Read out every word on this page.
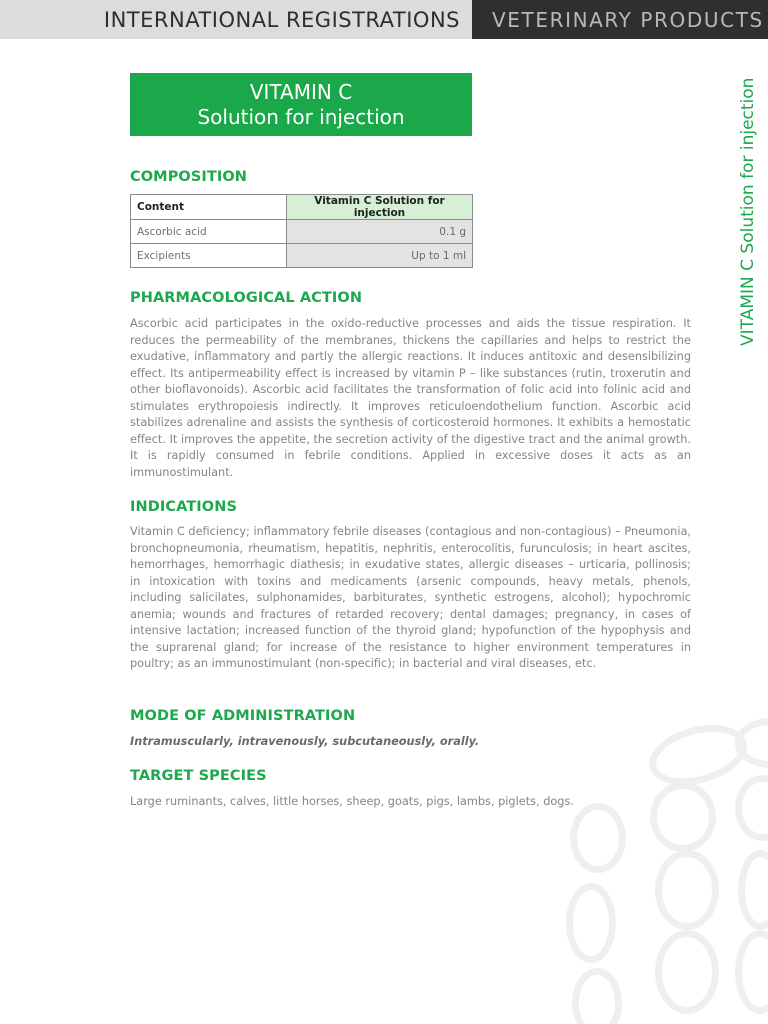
INTERNATIONAL REGISTRATIONS VETERINARY PRODUCTS
VITAMIN C Solution for injection
VITAMIN C
Solution for injection
COMPOSITION
Content	Vitamin C Solution for injection
Ascorbic acid	0.1 g
Excipients	Up to 1 ml
PHARMACOLOGICAL ACTION
Ascorbic acid participates in the oxido-reductive processes and aids the tissue respiration. It reduces the permeability of the membranes, thickens the capillaries and helps to restrict the exudative, inflammatory and partly the allergic reactions. It induces antitoxic and desensibilizing effect. Its antipermeability effect is increased by vitamin P – like substances (rutin, troxerutin and other bioflavonoids). Ascorbic acid facilitates the transformation of folic acid into folinic acid and stimulates erythropoiesis indirectly. It improves reticuloendothelium function. Ascorbic acid stabilizes adrenaline and assists the synthesis of corticosteroid hormones. It exhibits a hemostatic effect. It improves the appetite, the secretion activity of the digestive tract and the animal growth. It is rapidly consumed in febrile conditions. Applied in excessive doses it acts as an immunostimulant.
INDICATIONS
Vitamin C deficiency; inflammatory febrile diseases (contagious and non-contagious) – Pneumonia, bronchopneumonia, rheumatism, hepatitis, nephritis, enterocolitis, furunculosis; in heart ascites, hemorrhages, hemorrhagic diathesis; in exudative states, allergic diseases – urticaria, pollinosis; in intoxication with toxins and medicaments (arsenic compounds, heavy metals, phenols, including salicilates, sulphonamides, barbiturates, synthetic estrogens, alcohol); hypochromic anemia; wounds and fractures of retarded recovery; dental damages; pregnancy, in cases of intensive lactation; increased function of the thyroid gland; hypofunction of the hypophysis and the suprarenal gland; for increase of the resistance to higher environment temperatures in poultry; as an immunostimulant (non-specific); in bacterial and viral diseases, etc.
MODE OF ADMINISTRATION
Intramuscularly, intravenously, subcutaneously, orally.
TARGET SPECIES
Large ruminants, calves, little horses, sheep, goats, pigs, lambs, piglets, dogs.
